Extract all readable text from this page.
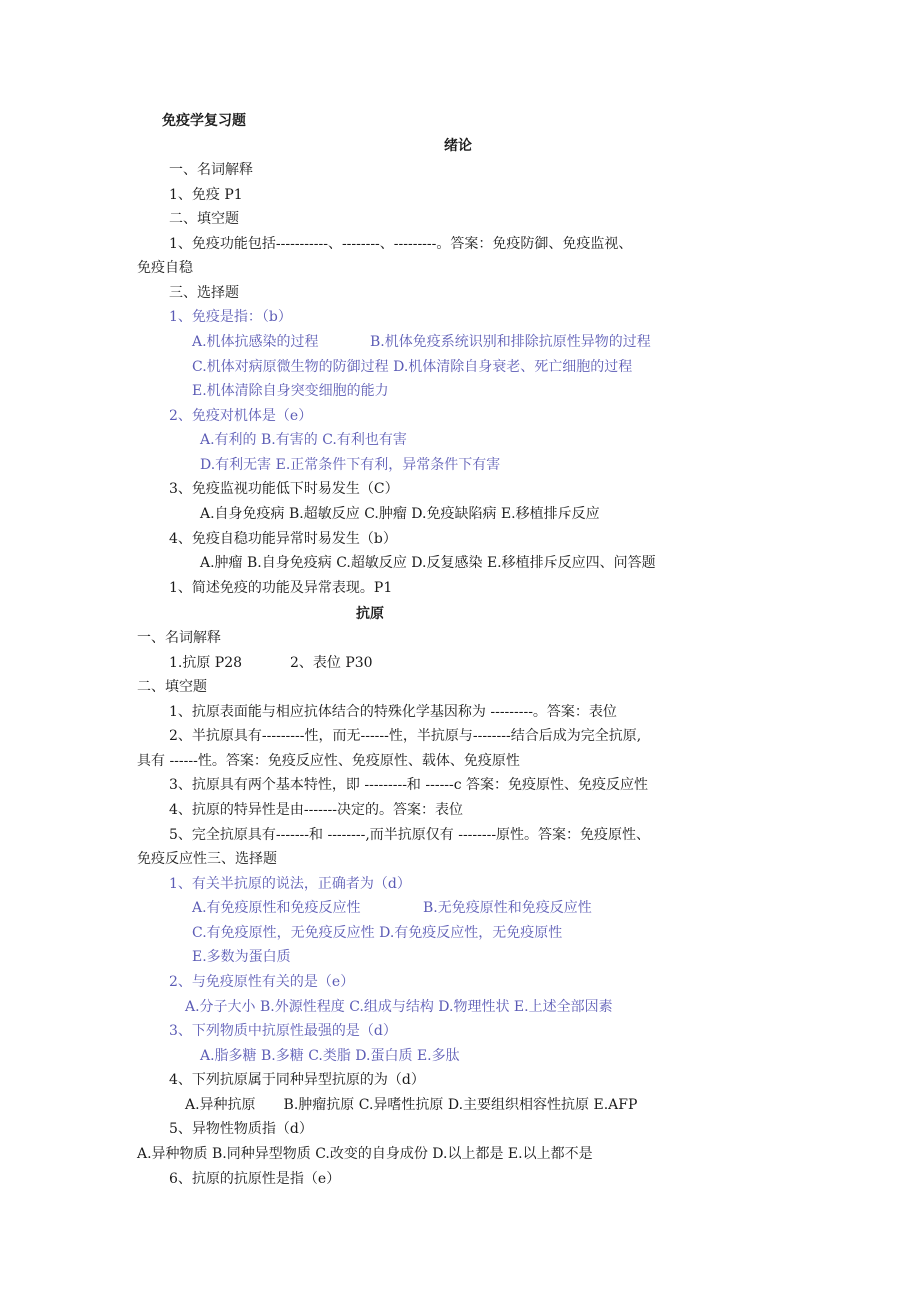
免疫学复习题
绪论
一、名词解释
1、免疫 P1
二、填空题
1、免疫功能包括-----------、--------、---------。答案：免疫防御、免疫监视、
免疫自稳
三、选择题
1、免疫是指：（b）
A.机体抗感染的过程	B.机体免疫系统识别和排除抗原性异物的过程
C.机体对病原微生物的防御过程 D.机体清除自身衰老、死亡细胞的过程
E.机体清除自身突变细胞的能力
2、免疫对机体是（e）
A.有利的 B.有害的 C.有利也有害
D.有利无害 E.正常条件下有利，异常条件下有害
3、免疫监视功能低下时易发生（C）
A.自身免疫病 B.超敏反应 C.肿瘤 D.免疫缺陷病 E.移植排斥反应
4、免疫自稳功能异常时易发生（b）
A.肿瘤 B.自身免疫病 C.超敏反应 D.反复感染 E.移植排斥反应四、问答题
1、简述免疫的功能及异常表现。P1
抗原
一、名词解释
1.抗原 P28	2、表位 P30
二、填空题
1、抗原表面能与相应抗体结合的特殊化学基因称为 ---------。答案：表位
2、半抗原具有---------性，而无------性，半抗原与--------结合后成为完全抗原,
具有 ------性。答案：免疫反应性、免疫原性、载体、免疫原性
3、抗原具有两个基本特性，即 ---------和 ------c 答案：免疫原性、免疫反应性
4、抗原的特异性是由-------决定的。答案：表位
5、完全抗原具有-------和 --------,而半抗原仅有 --------原性。答案：免疫原性、
免疫反应性三、选择题
1、有关半抗原的说法，正确者为（d）
A.有免疫原性和免疫反应性	B.无免疫原性和免疫反应性
C.有免疫原性，无免疫反应性 D.有免疫反应性，无免疫原性
E.多数为蛋白质
2、与免疫原性有关的是（e）
A.分子大小 B.外源性程度 C.组成与结构 D.物理性状 E.上述全部因素
3、下列物质中抗原性最强的是（d）
A.脂多糖 B.多糖 C.类脂 D.蛋白质 E.多肽
4、下列抗原属于同种异型抗原的为（d）
A.异种抗原　　B.肿瘤抗原 C.异嗜性抗原 D.主要组织相容性抗原 E.AFP
5、异物性物质指（d）
A.异种物质 B.同种异型物质 C.改变的自身成份 D.以上都是 E.以上都不是
6、抗原的抗原性是指（e）
